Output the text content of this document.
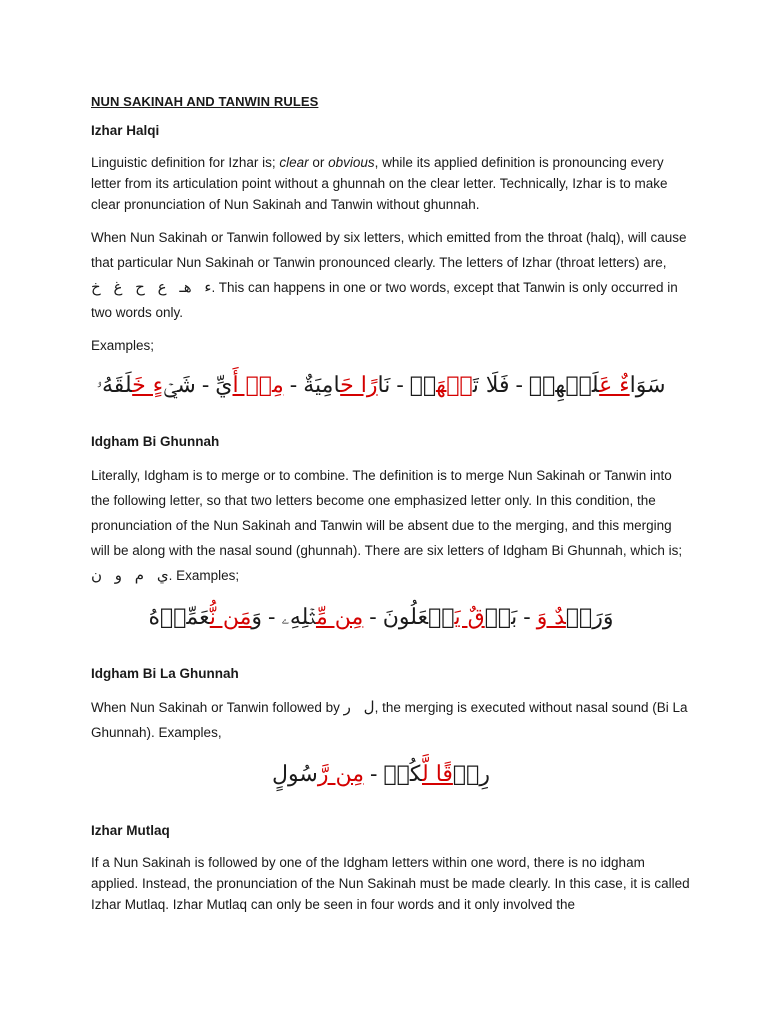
NUN SAKINAH AND TANWIN RULES
Izhar Halqi

Linguistic definition for Izhar is; clear or obvious, while its applied definition is pronouncing every letter from its articulation point without a ghunnah on the clear letter. Technically, Izhar is to make clear pronunciation of Nun Sakinah and Tanwin without ghunnah.

When Nun Sakinah or Tanwin followed by six letters, which emitted from the throat (halq), will cause that particular Nun Sakinah or Tanwin pronounced clearly. The letters of Izhar (throat letters) are, ء هـ ع ح غ خ. This can happens in one or two words, except that Tanwin is only occurred in two words only.

Examples;

سَوَاءٌ عَلَيۡهِمۡ-فَلَا تَنۡهَرۡ-نَارًا حَامِيَةٌ-مِنۡ أَيِّ-شَيۡءٍ خَلَقَهُۥ
Idgham Bi Ghunnah

Literally, Idgham is to merge or to combine. The definition is to merge Nun Sakinah or Tanwin into the following letter, so that two letters become one emphasized letter only. In this condition, the pronunciation of the Nun Sakinah and Tanwin will be absent due to the merging, and this merging will be along with the nasal sound (ghunnah). There are six letters of Idgham Bi Ghunnah, which is; ي م و ن. Examples;

وَرَعۡدٌ وَ-بَرۡقٌ يَجۡعَلُونَ-مِن مِّثۡلِهِۦ-وَمَن نُّعَمِّرۡهُ
Idgham Bi La Ghunnah

When Nun Sakinah or Tanwin followed by ل ر, the merging is executed without nasal sound (Bi La Ghunnah). Examples,

رِزۡقًا لَّكُمۡ-مِن رَّسُولٍ
Izhar Mutlaq

If a Nun Sakinah is followed by one of the Idgham letters within one word, there is no idgham applied. Instead, the pronunciation of the Nun Sakinah must be made clearly. In this case, it is called Izhar Mutlaq. Izhar Mutlaq can only be seen in four words and it only involved the
